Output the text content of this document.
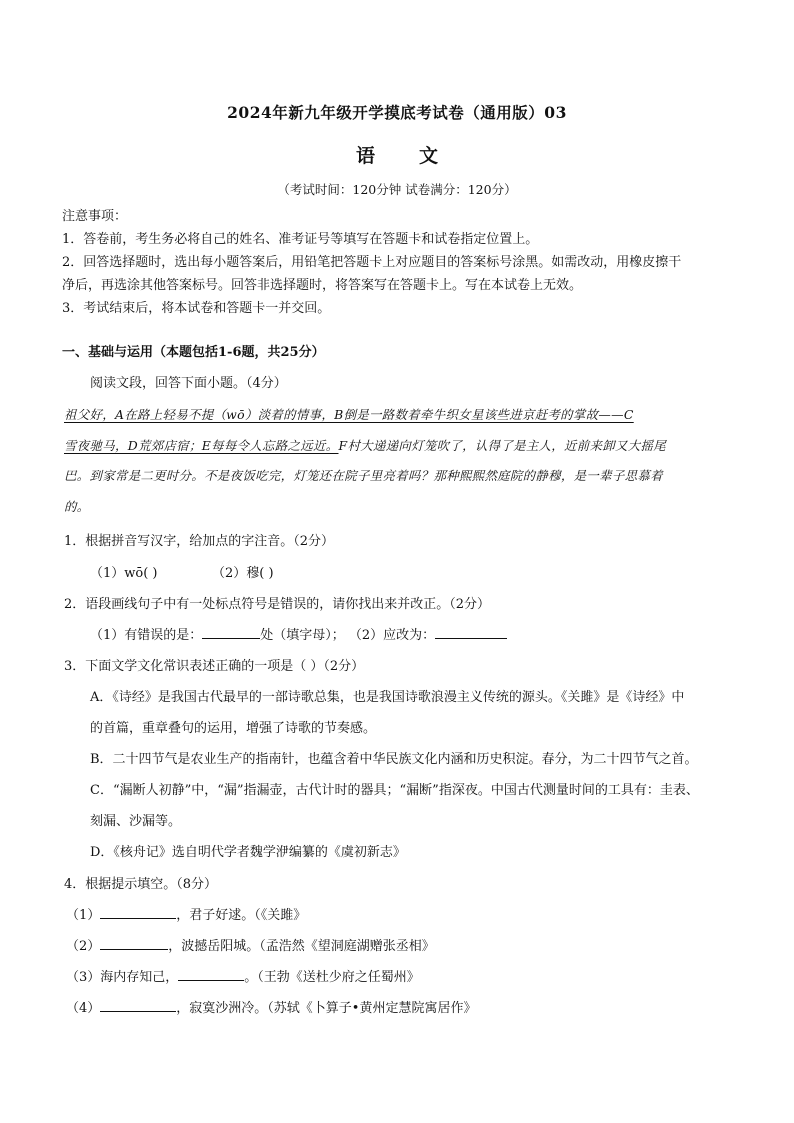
2024年新九年级开学摸底考试卷（通用版）03
语 文
（考试时间：120分钟 试卷满分：120分）
注意事项：
1．答卷前，考生务必将自己的姓名、准考证号等填写在答题卡和试卷指定位置上。
2．回答选择题时，选出每小题答案后，用铅笔把答题卡上对应题目的答案标号涂黑。如需改动，用橡皮擦干
净后，再选涂其他答案标号。回答非选择题时，将答案写在答题卡上。写在本试卷上无效。
3．考试结束后，将本试卷和答题卡一并交回。
一、基础与运用（本题包括1-6题，共25分）
阅读文段，回答下面小题。（4分）
祖父好，A在路上轻易不提（wō）淡着的情事，B倒是一路数着牵牛织女星该些进京赶考的掌故——C
雪夜驰马，D荒郊店宿；E每每令人忘路之远近。F村大递递向灯笼吹了，认得了是主人，近前来卸又大摇尾
巴。到家常是二更时分。不是夜饭吃完，灯笼还在院子里亮着吗？那种熙熙然庭院的静穆，是一辈子思慕着
的。
1．根据拼音写汉字，给加点的字注音。（2分）
（1）wō( )	（2）穆( )
2．语段画线句子中有一处标点符号是错误的，请你找出来并改正。（2分）
（1）有错误的是：	处（填字母）； （2）应改为：
3．下面文学文化常识表述正确的一项是（ ）（2分）
A．《诗经》是我国古代最早的一部诗歌总集，也是我国诗歌浪漫主义传统的源头。《关雎》是《诗经》中
的首篇，重章叠句的运用，增强了诗歌的节奏感。
B．二十四节气是农业生产的指南针，也蕴含着中华民族文化内涵和历史积淀。春分，为二十四节气之首。
C．“漏断人初静”中，“漏”指漏壶，古代计时的器具；“漏断”指深夜。中国古代测量时间的工具有：圭表、
刻漏、沙漏等。
D．《核舟记》选自明代学者魏学洢编纂的《虞初新志》
4．根据提示填空。（8分）
（1）	，君子好逑。（《关雎》
（2）	，波撼岳阳城。（孟浩然《望洞庭湖赠张丞相》
（3）海内存知己，	。（王勃《送杜少府之任蜀州》
（4）	，寂寞沙洲冷。（苏轼《卜算子•黄州定慧院寓居作》
